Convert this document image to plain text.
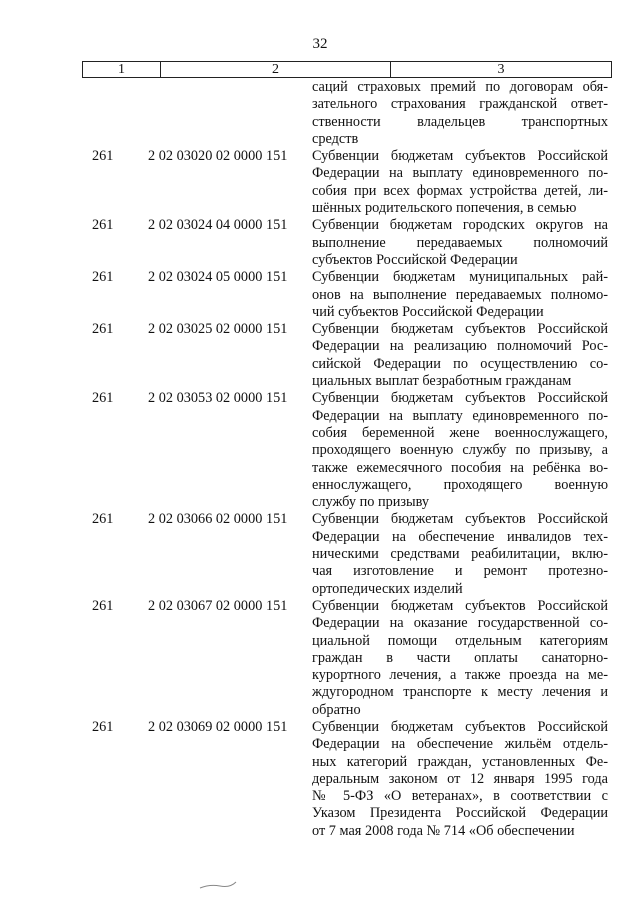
32
1	2	3
саций страховых премий по договорам обя-
зательного страхования гражданской ответ-
ственности владельцев транспортных
средств
261	2 02 03020 02 0000 151	Субвенции бюджетам субъектов Российской
Федерации на выплату единовременного по-
собия при всех формах устройства детей, ли-
шённых родительского попечения, в семью
261	2 02 03024 04 0000 151	Субвенции бюджетам городских округов на
выполнение передаваемых полномочий
субъектов Российской Федерации
261	2 02 03024 05 0000 151	Субвенции бюджетам муниципальных рай-
онов на выполнение передаваемых полномо-
чий субъектов Российской Федерации
261	2 02 03025 02 0000 151	Субвенции бюджетам субъектов Российской
Федерации на реализацию полномочий Рос-
сийской Федерации по осуществлению со-
циальных выплат безработным гражданам
261	2 02 03053 02 0000 151	Субвенции бюджетам субъектов Российской
Федерации на выплату единовременного по-
собия беременной жене военнослужащего,
проходящего военную службу по призыву, а
также ежемесячного пособия на ребёнка во-
еннослужащего, проходящего военную
службу по призыву
261	2 02 03066 02 0000 151	Субвенции бюджетам субъектов Российской
Федерации на обеспечение инвалидов тех-
ническими средствами реабилитации, вклю-
чая изготовление и ремонт протезно-
ортопедических изделий
261	2 02 03067 02 0000 151	Субвенции бюджетам субъектов Российской
Федерации на оказание государственной со-
циальной помощи отдельным категориям
граждан в части оплаты санаторно-
курортного лечения, а также проезда на ме-
ждугородном транспорте к месту лечения и
обратно
261	2 02 03069 02 0000 151	Субвенции бюджетам субъектов Российской
Федерации на обеспечение жильём отдель-
ных категорий граждан, установленных Фе-
деральным законом от 12 января 1995 года
№ 5-ФЗ «О ветеранах», в соответствии с
Указом Президента Российской Федерации
от 7 мая 2008 года № 714 «Об обеспечении
